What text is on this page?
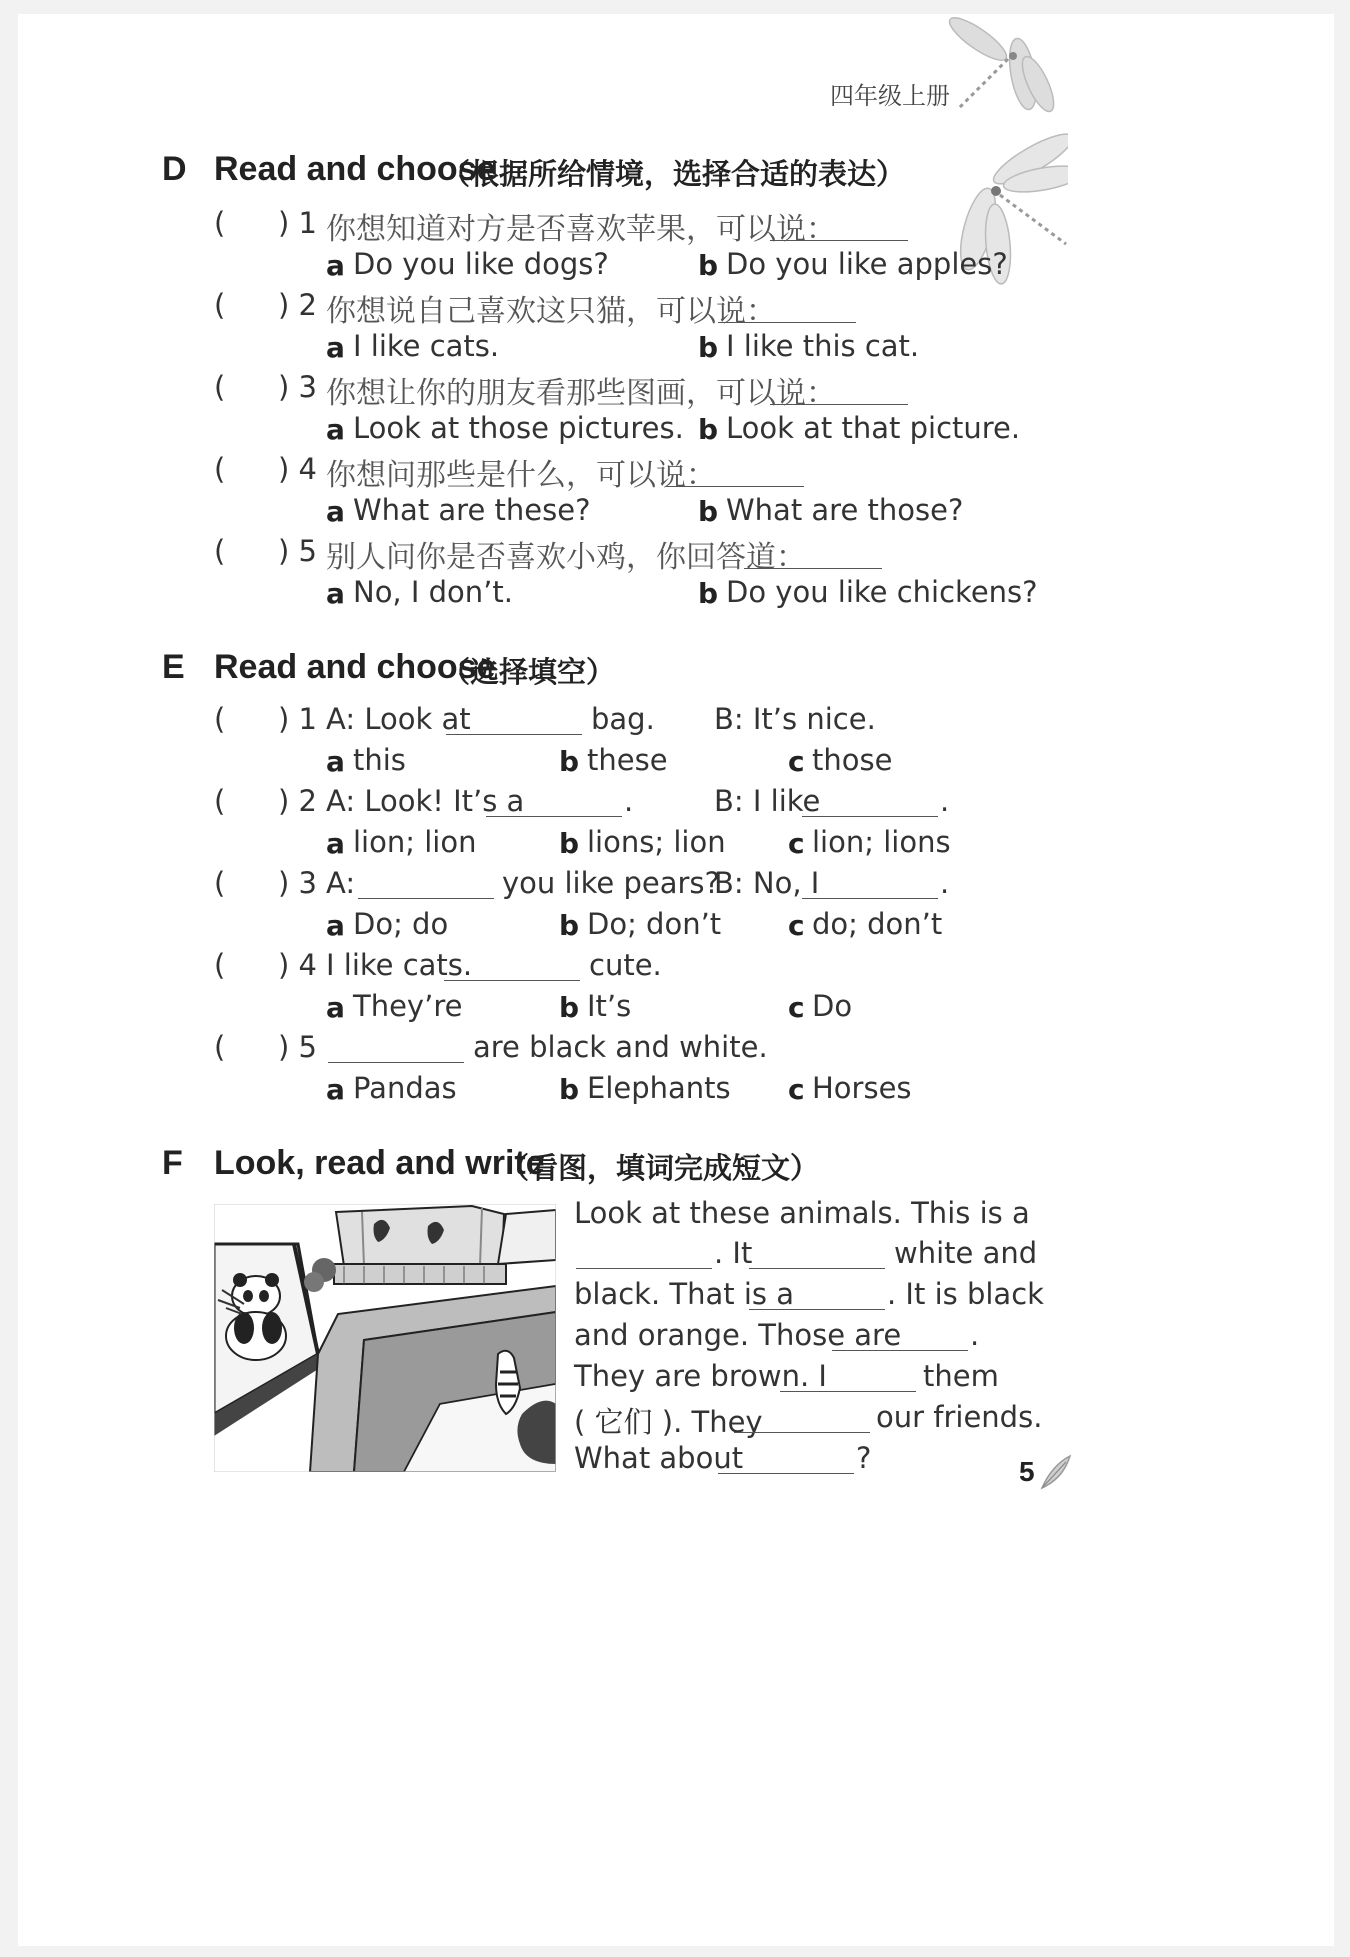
四年级上册
D Read and choose
（根据所给情境，选择合适的表达）
( ) 1 你想知道对方是否喜欢苹果，可以说：
a Do you like dogs?	b Do you like apples?
( ) 2 你想说自己喜欢这只猫，可以说：
a I like cats.	b I like this cat.
( ) 3 你想让你的朋友看那些图画，可以说：
a Look at those pictures. b Look at that picture.
( ) 4 你想问那些是什么，可以说：
a What are these?	b What are those?
( ) 5 别人问你是否喜欢小鸡，你回答道：
a No, I don’t.	b Do you like chickens?
E Read and choose
（选择填空）
( ) 1 A: Look at	bag. B: It’s nice.
a this	b these	c those
( ) 2 A: Look! It’s a	.	B: I like	.
a lion; lion	b lions; lion c lion; lions
( ) 3 A:	you like pears?
B: No, I	.
a Do; do	b Do; don’t c do; don’t
( ) 4 I like cats.	cute.
a They’re	b It’s	c Do
( ) 5	are black and white.
a Pandas	b Elephants c Horses
F Look, read and write
（看图，填词完成短文）
Look at these animals. This is a
. It	white and
black. That is a	. It is black
and orange. Those are .
They are brown. I	them
( 它们 ). They	our friends.
What about	?	5
